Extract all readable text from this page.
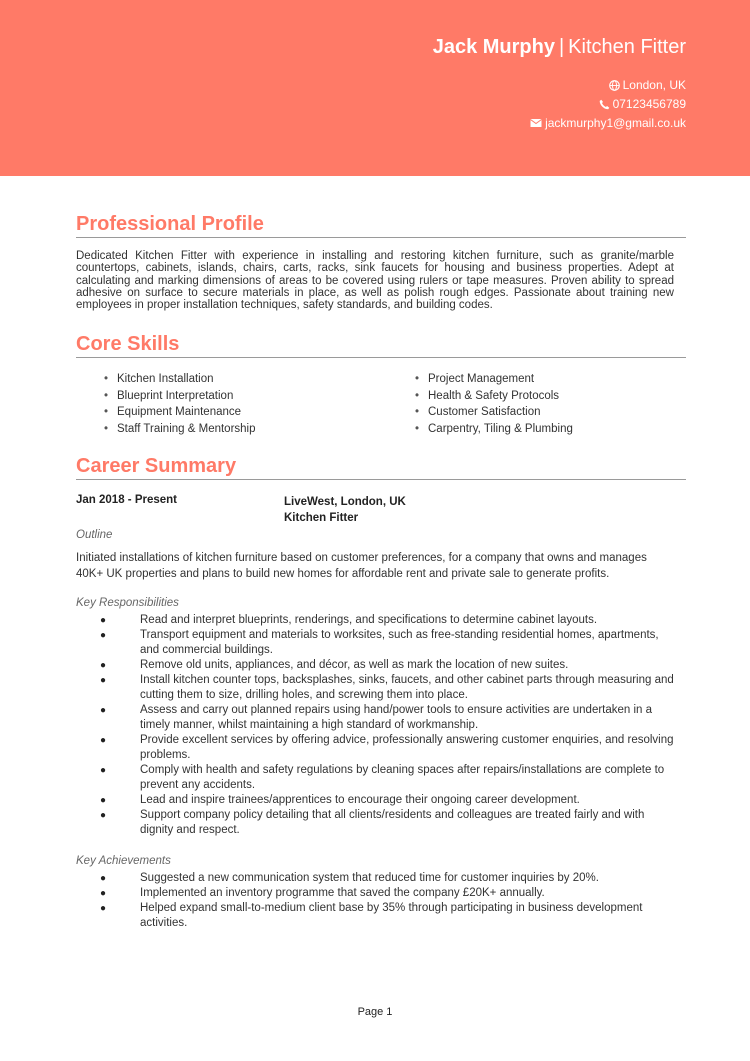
Jack Murphy | Kitchen Fitter
London, UK
07123456789
jackmurphy1@gmail.co.uk
Professional Profile
Dedicated Kitchen Fitter with experience in installing and restoring kitchen furniture, such as granite/marble countertops, cabinets, islands, chairs, carts, racks, sink faucets for housing and business properties. Adept at calculating and marking dimensions of areas to be covered using rulers or tape measures. Proven ability to spread adhesive on surface to secure materials in place, as well as polish rough edges. Passionate about training new employees in proper installation techniques, safety standards, and building codes.
Core Skills
• Kitchen Installation
• Blueprint Interpretation
• Equipment Maintenance
• Staff Training & Mentorship
• Project Management
• Health & Safety Protocols
• Customer Satisfaction
• Carpentry, Tiling & Plumbing
Career Summary
Jan 2018 - Present	LiveWest, London, UK
Kitchen Fitter
Outline
Initiated installations of kitchen furniture based on customer preferences, for a company that owns and manages 40K+ UK properties and plans to build new homes for affordable rent and private sale to generate profits.
Key Responsibilities
●	Read and interpret blueprints, renderings, and specifications to determine cabinet layouts.
●	Transport equipment and materials to worksites, such as free-standing residential homes, apartments, and commercial buildings.
●	Remove old units, appliances, and décor, as well as mark the location of new suites.
●	Install kitchen counter tops, backsplashes, sinks, faucets, and other cabinet parts through measuring and cutting them to size, drilling holes, and screwing them into place.
●	Assess and carry out planned repairs using hand/power tools to ensure activities are undertaken in a timely manner, whilst maintaining a high standard of workmanship.
●	Provide excellent services by offering advice, professionally answering customer enquiries, and resolving problems.
●	Comply with health and safety regulations by cleaning spaces after repairs/installations are complete to prevent any accidents.
●	Lead and inspire trainees/apprentices to encourage their ongoing career development.
●	Support company policy detailing that all clients/residents and colleagues are treated fairly and with dignity and respect.
Key Achievements
●	Suggested a new communication system that reduced time for customer inquiries by 20%.
●	Implemented an inventory programme that saved the company £20K+ annually.
●	Helped expand small-to-medium client base by 35% through participating in business development activities.
Page 1
